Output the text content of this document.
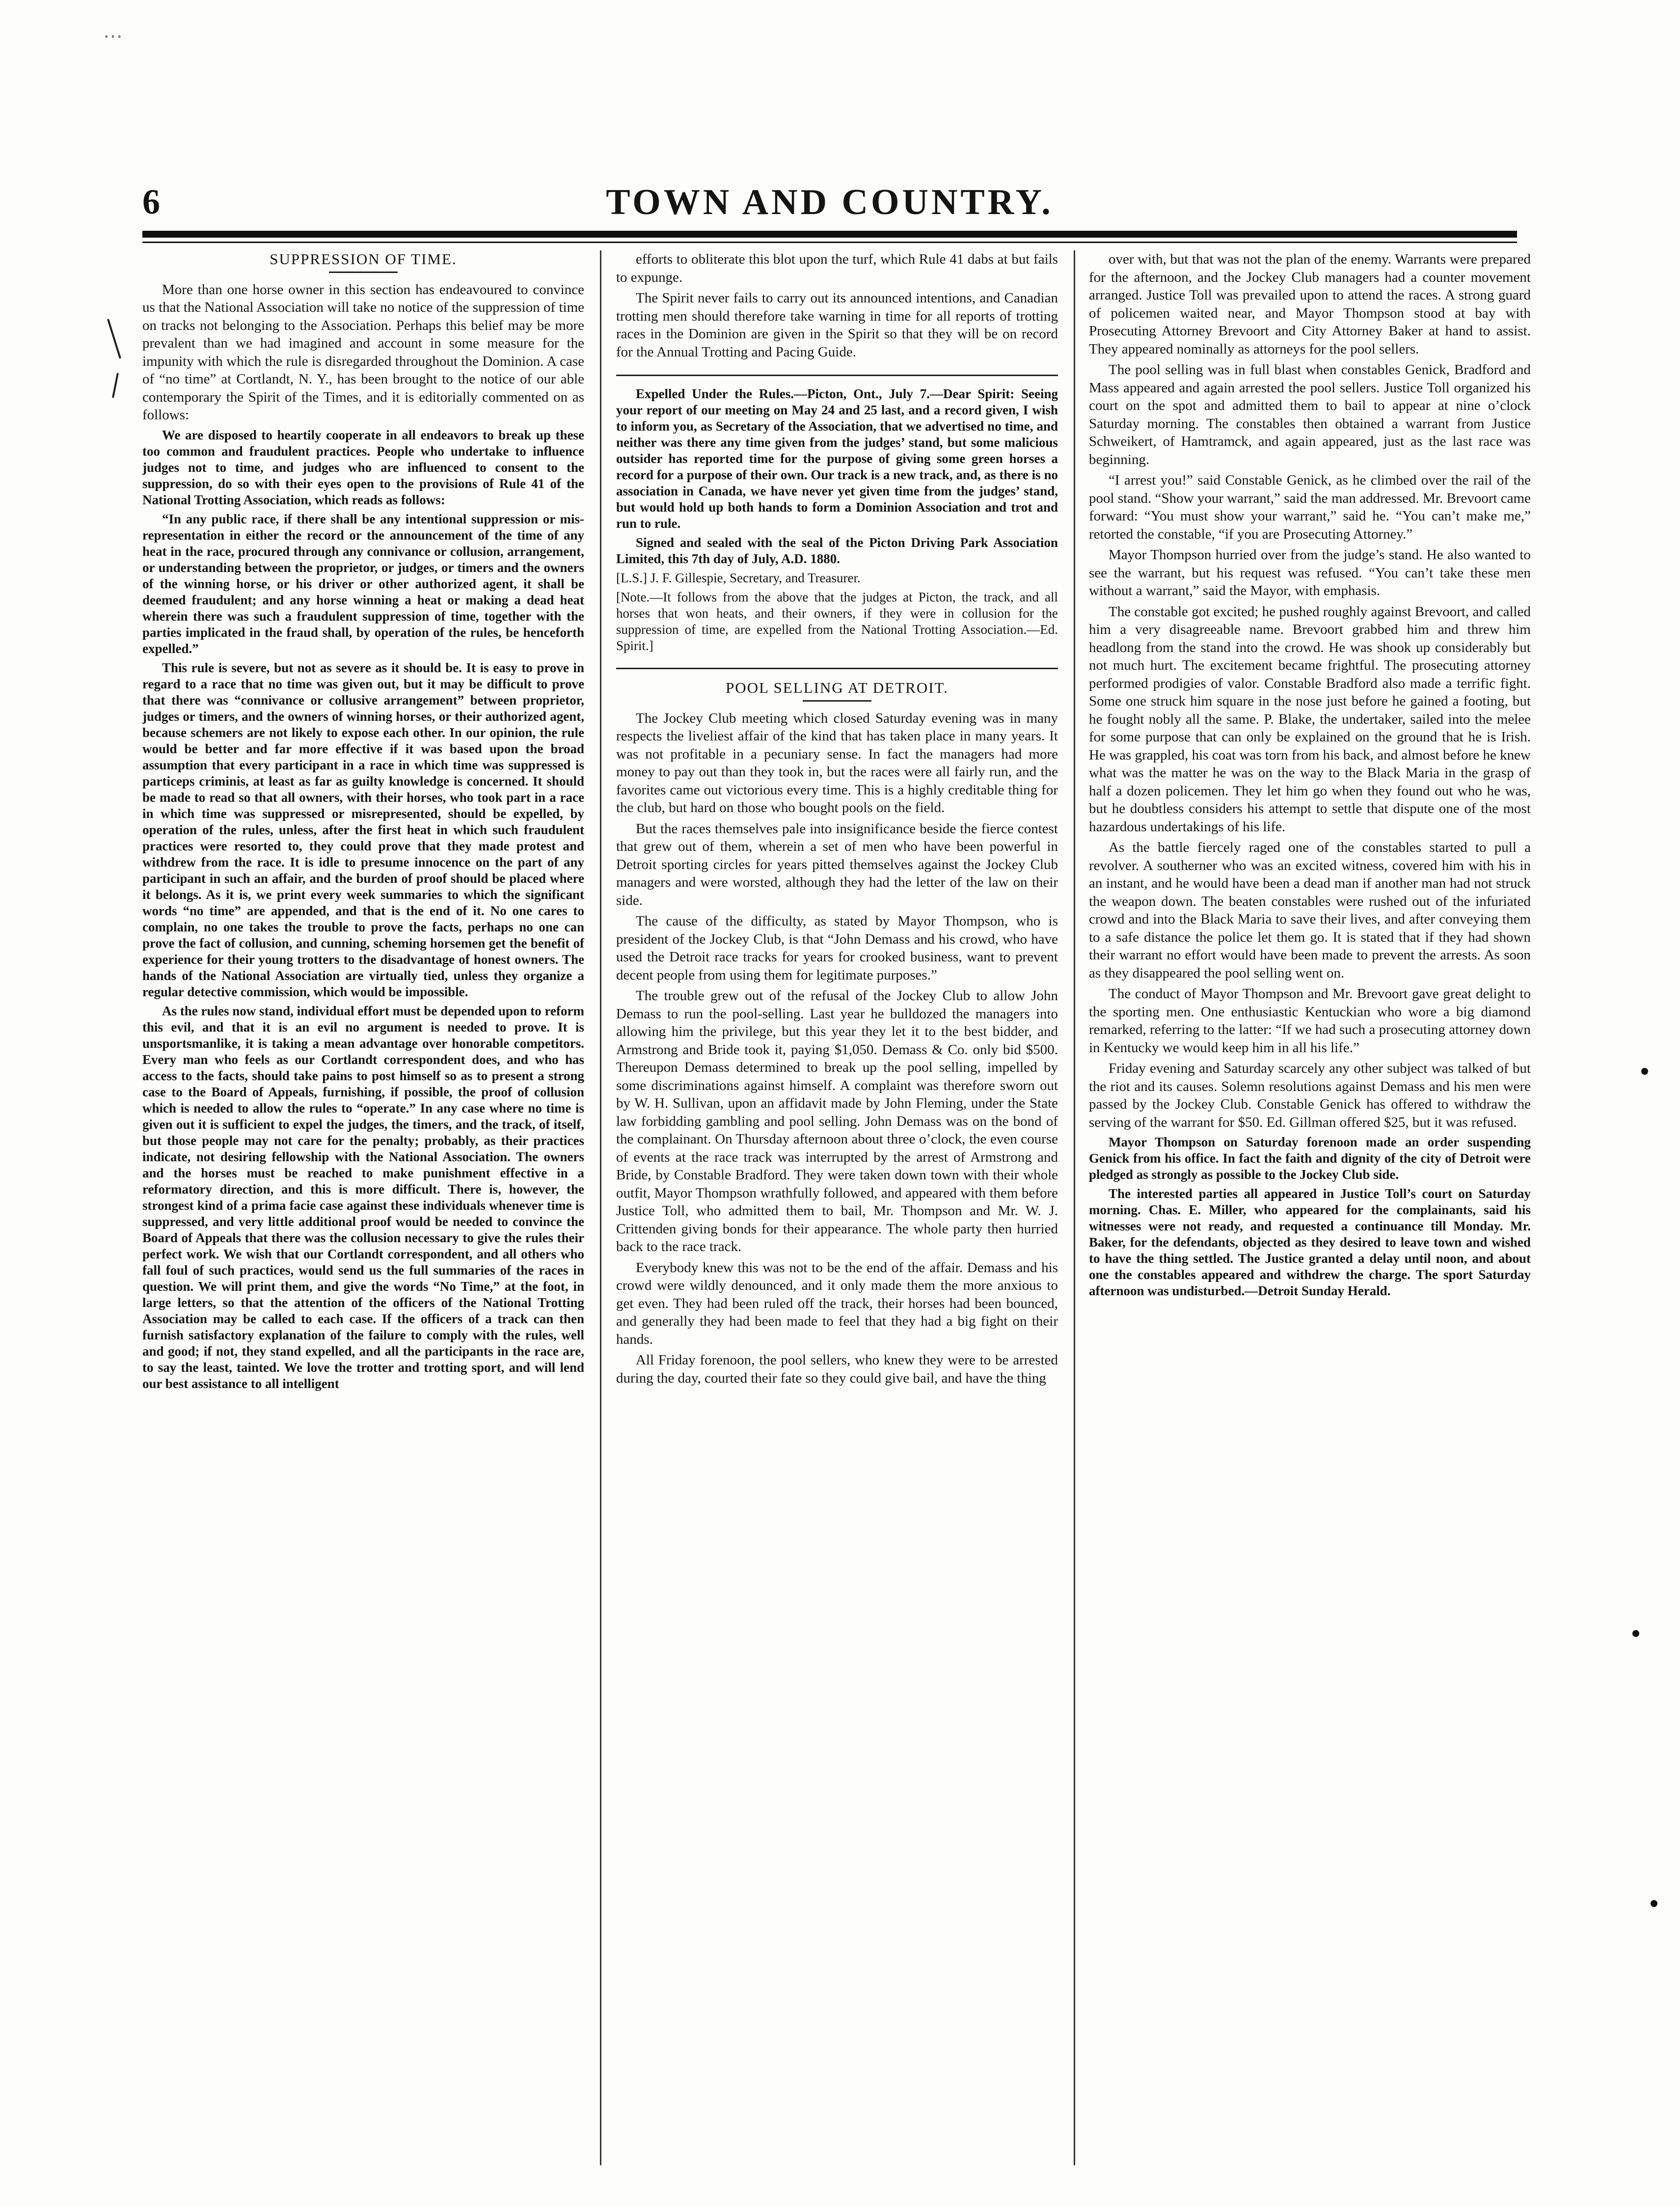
⋯
6	TOWN AND COUNTRY.

SUPPRESSION OF TIME.

More than one horse owner in this section has endeavoured to convince us that the National Association will take no notice of the suppression of time on tracks not belonging to the Association. Perhaps this belief may be more prevalent than we had imagined and account in some measure for the impunity with which the rule is disregarded throughout the Dominion. A case of “no time” at Cortlandt, N. Y., has been brought to the notice of our able contemporary the Spirit of the Times, and it is editorially commented on as follows:

We are disposed to heartily cooperate in all endeavors to break up these too common and fraudulent practices. People who undertake to influence judges not to time, and judges who are influenced to consent to the suppression, do so with their eyes open to the provisions of Rule 41 of the National Trotting Association, which reads as follows:

“In any public race, if there shall be any intentional suppression or mis-representation in either the record or the announcement of the time of any heat in the race, procured through any connivance or collusion, arrangement, or understanding between the proprietor, or judges, or timers and the owners of the winning horse, or his driver or other authorized agent, it shall be deemed fraudulent; and any horse winning a heat or making a dead heat wherein there was such a fraudulent suppression of time, together with the parties implicated in the fraud shall, by operation of the rules, be henceforth expelled.”

This rule is severe, but not as severe as it should be. It is easy to prove in regard to a race that no time was given out, but it may be difficult to prove that there was “connivance or collusive arrangement” between proprietor, judges or timers, and the owners of winning horses, or their authorized agent, because schemers are not likely to expose each other. In our opinion, the rule would be better and far more effective if it was based upon the broad assumption that every participant in a race in which time was suppressed is particeps criminis, at least as far as guilty knowledge is concerned. It should be made to read so that all owners, with their horses, who took part in a race in which time was suppressed or misrepresented, should be expelled, by operation of the rules, unless, after the first heat in which such fraudulent practices were resorted to, they could prove that they made protest and withdrew from the race. It is idle to presume innocence on the part of any participant in such an affair, and the burden of proof should be placed where it belongs. As it is, we print every week summaries to which the significant words “no time” are appended, and that is the end of it. No one cares to complain, no one takes the trouble to prove the facts, perhaps no one can prove the fact of collusion, and cunning, scheming horsemen get the benefit of experience for their young trotters to the disadvantage of honest owners. The hands of the National Association are virtually tied, unless they organize a regular detective commission, which would be impossible.

As the rules now stand, individual effort must be depended upon to reform this evil, and that it is an evil no argument is needed to prove. It is unsportsmanlike, it is taking a mean advantage over honorable competitors. Every man who feels as our Cortlandt correspondent does, and who has access to the facts, should take pains to post himself so as to present a strong case to the Board of Appeals, furnishing, if possible, the proof of collusion which is needed to allow the rules to “operate.” In any case where no time is given out it is sufficient to expel the judges, the timers, and the track, of itself, but those people may not care for the penalty; probably, as their practices indicate, not desiring fellowship with the National Association. The owners and the horses must be reached to make punishment effective in a reformatory direction, and this is more difficult. There is, however, the strongest kind of a prima facie case against these individuals whenever time is suppressed, and very little additional proof would be needed to convince the Board of Appeals that there was the collusion necessary to give the rules their perfect work. We wish that our Cortlandt correspondent, and all others who fall foul of such practices, would send us the full summaries of the races in question. We will print them, and give the words “No Time,” at the foot, in large letters, so that the attention of the officers of the National Trotting Association may be called to each case. If the officers of a track can then furnish satisfactory explanation of the failure to comply with the rules, well and good; if not, they stand expelled, and all the participants in the race are, to say the least, tainted. We love the trotter and trotting sport, and will lend our best assistance to all intelligent

efforts to obliterate this blot upon the turf, which Rule 41 dabs at but fails to expunge.

The Spirit never fails to carry out its announced intentions, and Canadian trotting men should therefore take warning in time for all reports of trotting races in the Dominion are given in the Spirit so that they will be on record for the Annual Trotting and Pacing Guide.

Expelled Under the Rules.—Picton, Ont., July 7.—Dear Spirit: Seeing your report of our meeting on May 24 and 25 last, and a record given, I wish to inform you, as Secretary of the Association, that we advertised no time, and neither was there any time given from the judges’ stand, but some malicious outsider has reported time for the purpose of giving some green horses a record for a purpose of their own. Our track is a new track, and, as there is no association in Canada, we have never yet given time from the judges’ stand, but would hold up both hands to form a Dominion Association and trot and run to rule.

Signed and sealed with the seal of the Picton Driving Park Association Limited, this 7th day of July, A.D. 1880.

[L.S.] J. F. Gillespie, Secretary, and Treasurer.

[Note.—It follows from the above that the judges at Picton, the track, and all horses that won heats, and their owners, if they were in collusion for the suppression of time, are expelled from the National Trotting Association.—Ed. Spirit.]

POOL SELLING AT DETROIT.

The Jockey Club meeting which closed Saturday evening was in many respects the liveliest affair of the kind that has taken place in many years. It was not profitable in a pecuniary sense. In fact the managers had more money to pay out than they took in, but the races were all fairly run, and the favorites came out victorious every time. This is a highly creditable thing for the club, but hard on those who bought pools on the field.

But the races themselves pale into insignificance beside the fierce contest that grew out of them, wherein a set of men who have been powerful in Detroit sporting circles for years pitted themselves against the Jockey Club managers and were worsted, although they had the letter of the law on their side.

The cause of the difficulty, as stated by Mayor Thompson, who is president of the Jockey Club, is that “John Demass and his crowd, who have used the Detroit race tracks for years for crooked business, want to prevent decent people from using them for legitimate purposes.”

The trouble grew out of the refusal of the Jockey Club to allow John Demass to run the pool-selling. Last year he bulldozed the managers into allowing him the privilege, but this year they let it to the best bidder, and Armstrong and Bride took it, paying $1,050. Demass & Co. only bid $500. Thereupon Demass determined to break up the pool selling, impelled by some discriminations against himself. A complaint was therefore sworn out by W. H. Sullivan, upon an affidavit made by John Fleming, under the State law forbidding gambling and pool selling. John Demass was on the bond of the complainant. On Thursday afternoon about three o’clock, the even course of events at the race track was interrupted by the arrest of Armstrong and Bride, by Constable Bradford. They were taken down town with their whole outfit, Mayor Thompson wrathfully followed, and appeared with them before Justice Toll, who admitted them to bail, Mr. Thompson and Mr. W. J. Crittenden giving bonds for their appearance. The whole party then hurried back to the race track.

Everybody knew this was not to be the end of the affair. Demass and his crowd were wildly denounced, and it only made them the more anxious to get even. They had been ruled off the track, their horses had been bounced, and generally they had been made to feel that they had a big fight on their hands.

All Friday forenoon, the pool sellers, who knew they were to be arrested during the day, courted their fate so they could give bail, and have the thing

over with, but that was not the plan of the enemy. Warrants were prepared for the afternoon, and the Jockey Club managers had a counter movement arranged. Justice Toll was prevailed upon to attend the races. A strong guard of policemen waited near, and Mayor Thompson stood at bay with Prosecuting Attorney Brevoort and City Attorney Baker at hand to assist. They appeared nominally as attorneys for the pool sellers.

The pool selling was in full blast when constables Genick, Bradford and Mass appeared and again arrested the pool sellers. Justice Toll organized his court on the spot and admitted them to bail to appear at nine o’clock Saturday morning. The constables then obtained a warrant from Justice Schweikert, of Hamtramck, and again appeared, just as the last race was beginning.

“I arrest you!” said Constable Genick, as he climbed over the rail of the pool stand. “Show your warrant,” said the man addressed. Mr. Brevoort came forward: “You must show your warrant,” said he. “You can’t make me,” retorted the constable, “if you are Prosecuting Attorney.”

Mayor Thompson hurried over from the judge’s stand. He also wanted to see the warrant, but his request was refused. “You can’t take these men without a warrant,” said the Mayor, with emphasis.

The constable got excited; he pushed roughly against Brevoort, and called him a very disagreeable name. Brevoort grabbed him and threw him headlong from the stand into the crowd. He was shook up considerably but not much hurt. The excitement became frightful. The prosecuting attorney performed prodigies of valor. Constable Bradford also made a terrific fight. Some one struck him square in the nose just before he gained a footing, but he fought nobly all the same. P. Blake, the undertaker, sailed into the melee for some purpose that can only be explained on the ground that he is Irish. He was grappled, his coat was torn from his back, and almost before he knew what was the matter he was on the way to the Black Maria in the grasp of half a dozen policemen. They let him go when they found out who he was, but he doubtless considers his attempt to settle that dispute one of the most hazardous undertakings of his life.

As the battle fiercely raged one of the constables started to pull a revolver. A southerner who was an excited witness, covered him with his in an instant, and he would have been a dead man if another man had not struck the weapon down. The beaten constables were rushed out of the infuriated crowd and into the Black Maria to save their lives, and after conveying them to a safe distance the police let them go. It is stated that if they had shown their warrant no effort would have been made to prevent the arrests. As soon as they disappeared the pool selling went on.

The conduct of Mayor Thompson and Mr. Brevoort gave great delight to the sporting men. One enthusiastic Kentuckian who wore a big diamond remarked, referring to the latter: “If we had such a prosecuting attorney down in Kentucky we would keep him in all his life.”

Friday evening and Saturday scarcely any other subject was talked of but the riot and its causes. Solemn resolutions against Demass and his men were passed by the Jockey Club. Constable Genick has offered to withdraw the serving of the warrant for $50. Ed. Gillman offered $25, but it was refused.

Mayor Thompson on Saturday forenoon made an order suspending Genick from his office. In fact the faith and dignity of the city of Detroit were pledged as strongly as possible to the Jockey Club side.

The interested parties all appeared in Justice Toll’s court on Saturday morning. Chas. E. Miller, who appeared for the complainants, said his witnesses were not ready, and requested a continuance till Monday. Mr. Baker, for the defendants, objected as they desired to leave town and wished to have the thing settled. The Justice granted a delay until noon, and about one the constables appeared and withdrew the charge. The sport Saturday afternoon was undisturbed.—Detroit Sunday Herald.
